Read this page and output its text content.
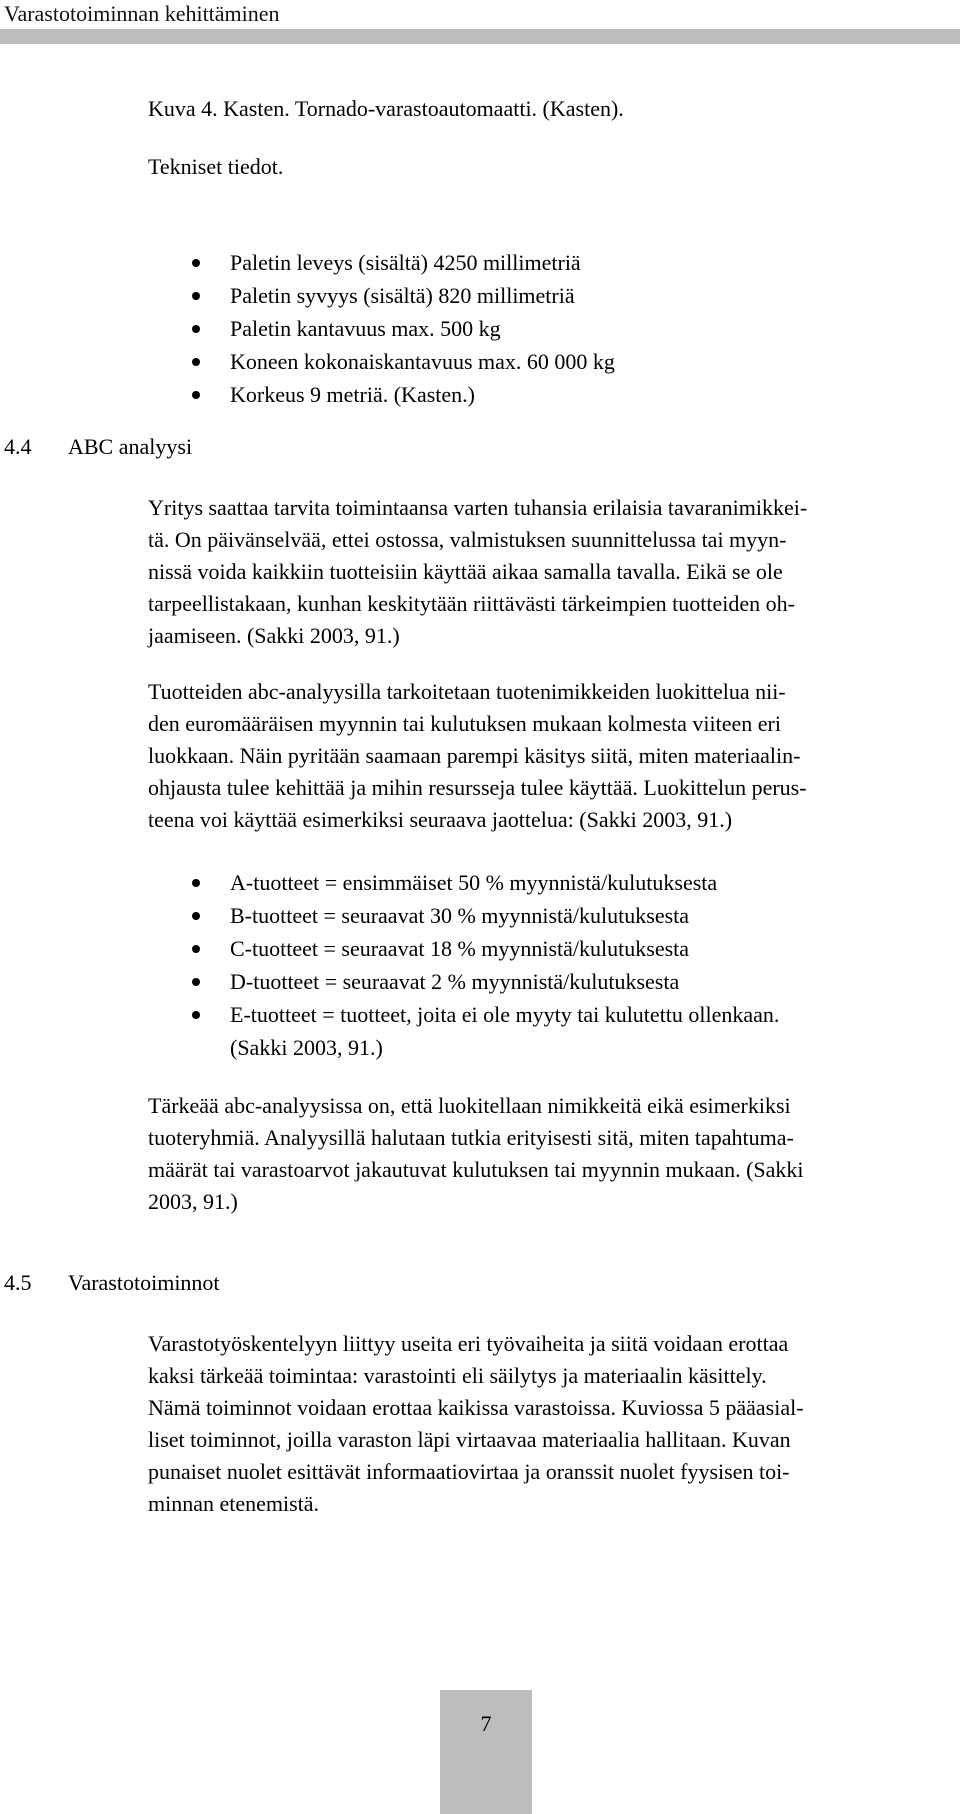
Varastotoiminnan kehittäminen
Kuva 4. Kasten. Tornado-varastoautomaatti. (Kasten).
Tekniset tiedot.
Paletin leveys (sisältä) 4250 millimetriä
Paletin syvyys (sisältä) 820 millimetriä
Paletin kantavuus max. 500 kg
Koneen kokonaiskantavuus max. 60 000 kg
Korkeus 9 metriä. (Kasten.)
4.4 ABC analyysi
Yritys saattaa tarvita toimintaansa varten tuhansia erilaisia tavaranimikkei-
tä. On päivänselvää, ettei ostossa, valmistuksen suunnittelussa tai myyn-
nissä voida kaikkiin tuotteisiin käyttää aikaa samalla tavalla. Eikä se ole
tarpeellistakaan, kunhan keskitytään riittävästi tärkeimpien tuotteiden oh-
jaamiseen. (Sakki 2003, 91.)
Tuotteiden abc-analyysilla tarkoitetaan tuotenimikkeiden luokittelua nii-
den euromääräisen myynnin tai kulutuksen mukaan kolmesta viiteen eri
luokkaan. Näin pyritään saamaan parempi käsitys siitä, miten materiaalin-
ohjausta tulee kehittää ja mihin resursseja tulee käyttää. Luokittelun perus-
teena voi käyttää esimerkiksi seuraava jaottelua: (Sakki 2003, 91.)
A-tuotteet = ensimmäiset 50 % myynnistä/kulutuksesta
B-tuotteet = seuraavat 30 % myynnistä/kulutuksesta
C-tuotteet = seuraavat 18 % myynnistä/kulutuksesta
D-tuotteet = seuraavat 2 % myynnistä/kulutuksesta
E-tuotteet = tuotteet, joita ei ole myyty tai kulutettu ollenkaan.
(Sakki 2003, 91.)
Tärkeää abc-analyysissa on, että luokitellaan nimikkeitä eikä esimerkiksi
tuoteryhmiä. Analyysillä halutaan tutkia erityisesti sitä, miten tapahtuma-
määrät tai varastoarvot jakautuvat kulutuksen tai myynnin mukaan. (Sakki
2003, 91.)
4.5 Varastotoiminnot
Varastotyöskentelyyn liittyy useita eri työvaiheita ja siitä voidaan erottaa
kaksi tärkeää toimintaa: varastointi eli säilytys ja materiaalin käsittely.
Nämä toiminnot voidaan erottaa kaikissa varastoissa. Kuviossa 5 pääasial-
liset toiminnot, joilla varaston läpi virtaavaa materiaalia hallitaan. Kuvan
punaiset nuolet esittävät informaatiovirtaa ja oranssit nuolet fyysisen toi-
minnan etenemistä.
7
